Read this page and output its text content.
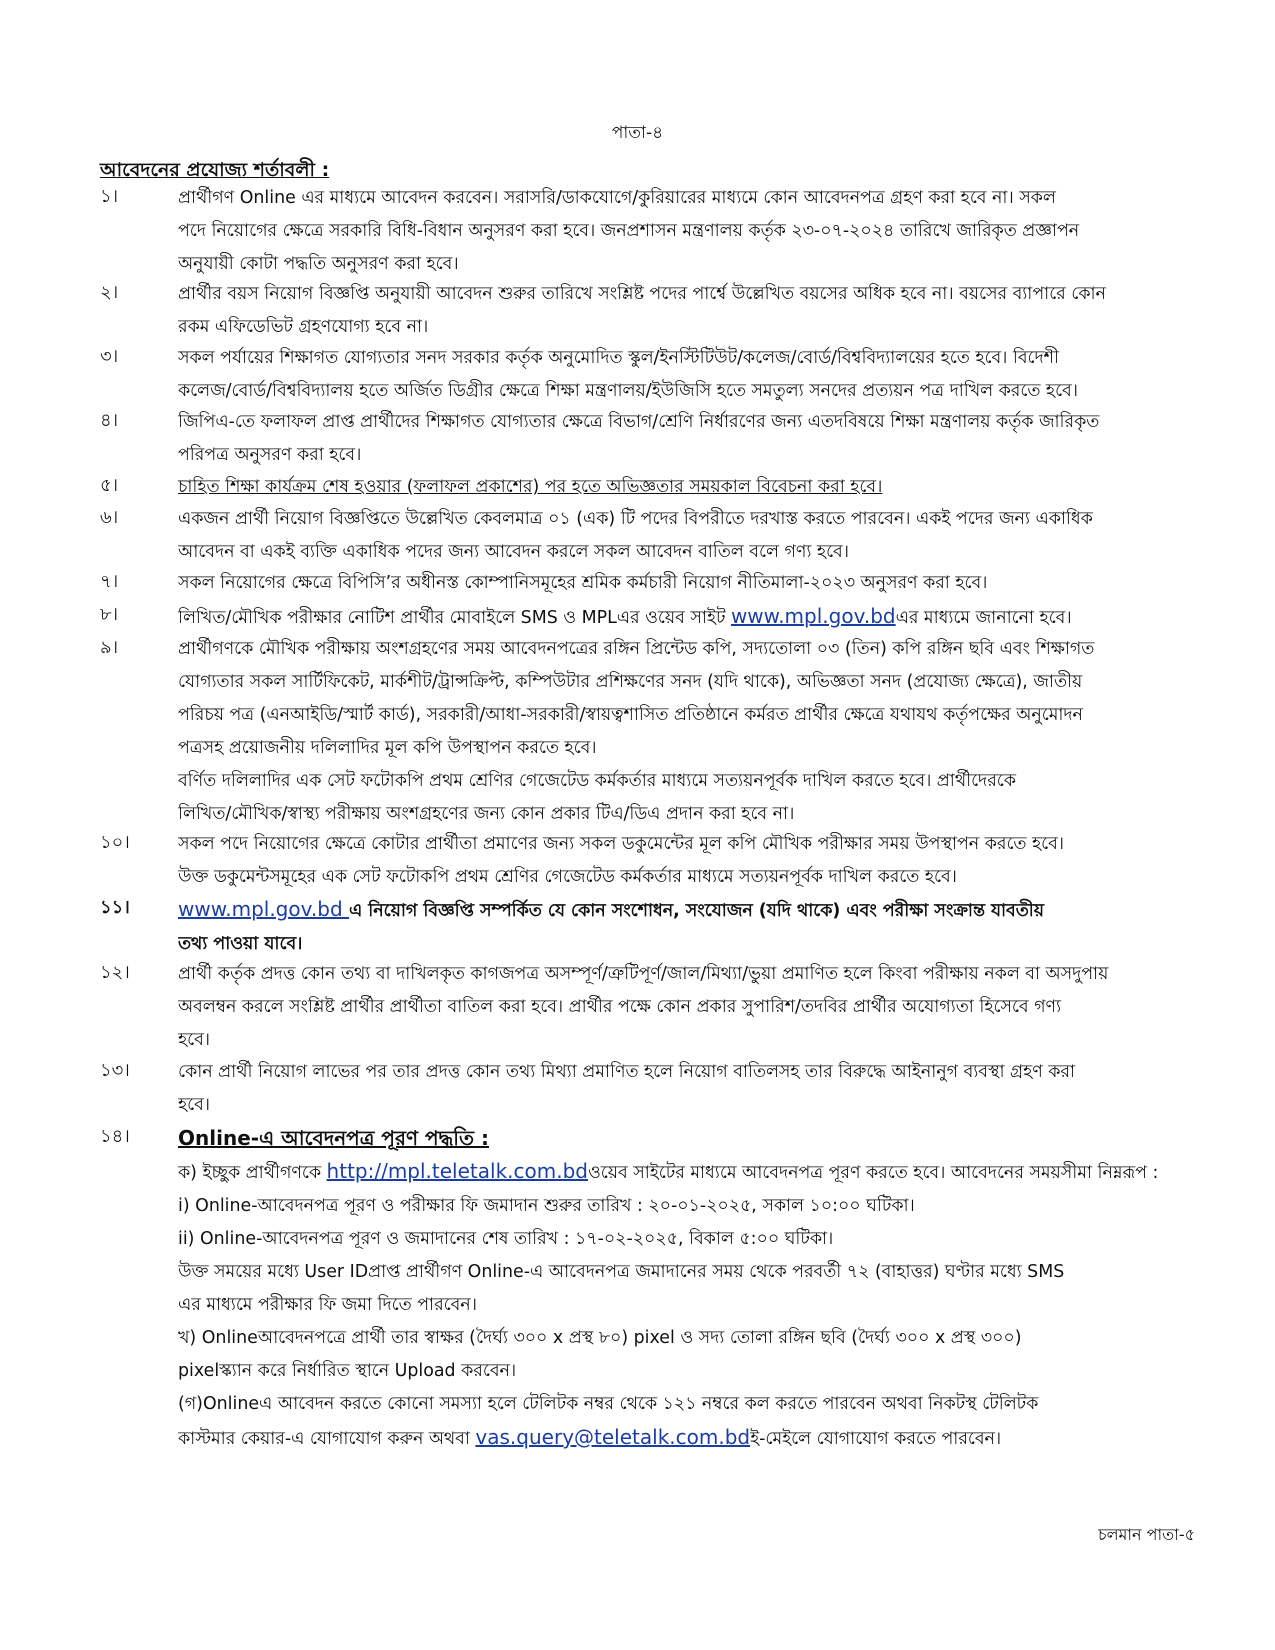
পাতা-৪
আবেদনের প্রযোজ্য শর্তাবলী :
১।	প্রার্থীগণ Online এর মাধ্যমে আবেদন করবেন। সরাসরি/ডাকযোগে/কুরিয়ারের মাধ্যমে কোন আবেদনপত্র গ্রহণ করা হবে না। সকল
পদে নিয়োগের ক্ষেত্রে সরকারি বিধি-বিধান অনুসরণ করা হবে। জনপ্রশাসন মন্ত্রণালয় কর্তৃক ২৩-০৭-২০২৪ তারিখে জারিকৃত প্রজ্ঞাপন
অনুযায়ী কোটা পদ্ধতি অনুসরণ করা হবে।
২।	প্রার্থীর বয়স নিয়োগ বিজ্ঞপ্তি অনুযায়ী আবেদন শুরুর তারিখে সংশ্লিষ্ট পদের পার্শ্বে উল্লেখিত বয়সের অধিক হবে না। বয়সের ব্যাপারে কোন
রকম এফিডেভিট গ্রহণযোগ্য হবে না।
৩।	সকল পর্যায়ের শিক্ষাগত যোগ্যতার সনদ সরকার কর্তৃক অনুমোদিত স্কুল/ইনস্টিটিউট/কলেজ/বোর্ড/বিশ্ববিদ্যালয়ের হতে হবে। বিদেশী
কলেজ/বোর্ড/বিশ্ববিদ্যালয় হতে অর্জিত ডিগ্রীর ক্ষেত্রে শিক্ষা মন্ত্রণালয়/ইউজিসি হতে সমতুল্য সনদের প্রত্যয়ন পত্র দাখিল করতে হবে।
৪।	জিপিএ-তে ফলাফল প্রাপ্ত প্রার্থীদের শিক্ষাগত যোগ্যতার ক্ষেত্রে বিভাগ/শ্রেণি নির্ধারণের জন্য এতদবিষয়ে শিক্ষা মন্ত্রণালয় কর্তৃক জারিকৃত
পরিপত্র অনুসরণ করা হবে।
৫।	চাহিত শিক্ষা কার্যক্রম শেষ হওয়ার (ফলাফল প্রকাশের) পর হতে অভিজ্ঞতার সময়কাল বিবেচনা করা হবে।
৬।	একজন প্রার্থী নিয়োগ বিজ্ঞপ্তিতে উল্লেখিত কেবলমাত্র ০১ (এক) টি পদের বিপরীতে দরখাস্ত করতে পারবেন। একই পদের জন্য একাধিক
আবেদন বা একই ব্যক্তি একাধিক পদের জন্য আবেদন করলে সকল আবেদন বাতিল বলে গণ্য হবে।
৭।	সকল নিয়োগের ক্ষেত্রে বিপিসি’র অধীনস্ত কোম্পানিসমূহের শ্রমিক কর্মচারী নিয়োগ নীতিমালা-২০২৩ অনুসরণ করা হবে।
৮।	লিখিত/মৌখিক পরীক্ষার নোটিশ প্রার্থীর মোবাইলে SMS ও MPLএর ওয়েব সাইট www.mpl.gov.bdএর মাধ্যমে জানানো হবে।
৯।	প্রার্থীগণকে মৌখিক পরীক্ষায় অংশগ্রহণের সময় আবেদনপত্রের রঙ্গিন প্রিন্টেড কপি, সদ্যতোলা ০৩ (তিন) কপি রঙ্গিন ছবি এবং শিক্ষাগত
যোগ্যতার সকল সার্টিফিকেট, মার্কশীট/ট্রান্সক্রিপ্ট, কম্পিউটার প্রশিক্ষণের সনদ (যদি থাকে), অভিজ্ঞতা সনদ (প্রযোজ্য ক্ষেত্রে), জাতীয়
পরিচয় পত্র (এনআইডি/স্মার্ট কার্ড), সরকারী/আধা-সরকারী/স্বায়ত্বশাসিত প্রতিষ্ঠানে কর্মরত প্রার্থীর ক্ষেত্রে যথাযথ কর্তৃপক্ষের অনুমোদন
পত্রসহ প্রয়োজনীয় দলিলাদির মূল কপি উপস্থাপন করতে হবে।
বর্ণিত দলিলাদির এক সেট ফটোকপি প্রথম শ্রেণির গেজেটেড কর্মকর্তার মাধ্যমে সত্যয়নপূর্বক দাখিল করতে হবে। প্রার্থীদেরকে
লিখিত/মৌখিক/স্বাস্থ্য পরীক্ষায় অংশগ্রহণের জন্য কোন প্রকার টিএ/ডিএ প্রদান করা হবে না।
১০।	সকল পদে নিয়োগের ক্ষেত্রে কোটার প্রার্থীতা প্রমাণের জন্য সকল ডকুমেন্টের মূল কপি মৌখিক পরীক্ষার সময় উপস্থাপন করতে হবে।
উক্ত ডকুমেন্টসমূহের এক সেট ফটোকপি প্রথম শ্রেণির গেজেটেড কর্মকর্তার মাধ্যমে সত্যয়নপূর্বক দাখিল করতে হবে।
১১।	www.mpl.gov.bd এ নিয়োগ বিজ্ঞপ্তি সম্পর্কিত যে কোন সংশোধন, সংযোজন (যদি থাকে) এবং পরীক্ষা সংক্রান্ত যাবতীয়
তথ্য পাওয়া যাবে।
১২।	প্রার্থী কর্তৃক প্রদত্ত কোন তথ্য বা দাখিলকৃত কাগজপত্র অসম্পূর্ণ/ত্রুটিপূর্ণ/জাল/মিথ্যা/ভুয়া প্রমাণিত হলে কিংবা পরীক্ষায় নকল বা অসদুপায়
অবলম্বন করলে সংশ্লিষ্ট প্রার্থীর প্রার্থীতা বাতিল করা হবে। প্রার্থীর পক্ষে কোন প্রকার সুপারিশ/তদবির প্রার্থীর অযোগ্যতা হিসেবে গণ্য
হবে।
১৩।	কোন প্রার্থী নিয়োগ লাভের পর তার প্রদত্ত কোন তথ্য মিথ্যা প্রমাণিত হলে নিয়োগ বাতিলসহ তার বিরুদ্ধে আইনানুগ ব্যবস্থা গ্রহণ করা
হবে।
১৪।	Online-এ আবেদনপত্র পূরণ পদ্ধতি :
ক) ইচ্ছুক প্রার্থীগণকে http://mpl.teletalk.com.bdওয়েব সাইটের মাধ্যমে আবেদনপত্র পূরণ করতে হবে। আবেদনের সময়সীমা নিম্নরূপ :
i) Online-আবেদনপত্র পূরণ ও পরীক্ষার ফি জমাদান শুরুর তারিখ : ২০-০১-২০২৫, সকাল ১০:০০ ঘটিকা।
ii) Online-আবেদনপত্র পূরণ ও জমাদানের শেষ তারিখ : ১৭-০২-২০২৫, বিকাল ৫:০০ ঘটিকা।
উক্ত সময়ের মধ্যে User IDপ্রাপ্ত প্রার্থীগণ Online-এ আবেদনপত্র জমাদানের সময় থেকে পরবর্তী ৭২ (বাহাত্তর) ঘণ্টার মধ্যে SMS
এর মাধ্যমে পরীক্ষার ফি জমা দিতে পারবেন।
খ) Onlineআবেদনপত্রে প্রার্থী তার স্বাক্ষর (দৈর্ঘ্য ৩০০ x প্রস্থ ৮০) pixel ও সদ্য তোলা রঙ্গিন ছবি (দৈর্ঘ্য ৩০০ x প্রস্থ ৩০০)
pixelস্ক্যান করে নির্ধারিত স্থানে Upload করবেন।
(গ)Onlineএ আবেদন করতে কোনো সমস্যা হলে টেলিটক নম্বর থেকে ১২১ নম্বরে কল করতে পারবেন অথবা নিকটস্থ টেলিটক
কাস্টমার কেয়ার-এ যোগাযোগ করুন অথবা vas.query@teletalk.com.bdই-মেইলে যোগাযোগ করতে পারবেন।
চলমান পাতা-৫
